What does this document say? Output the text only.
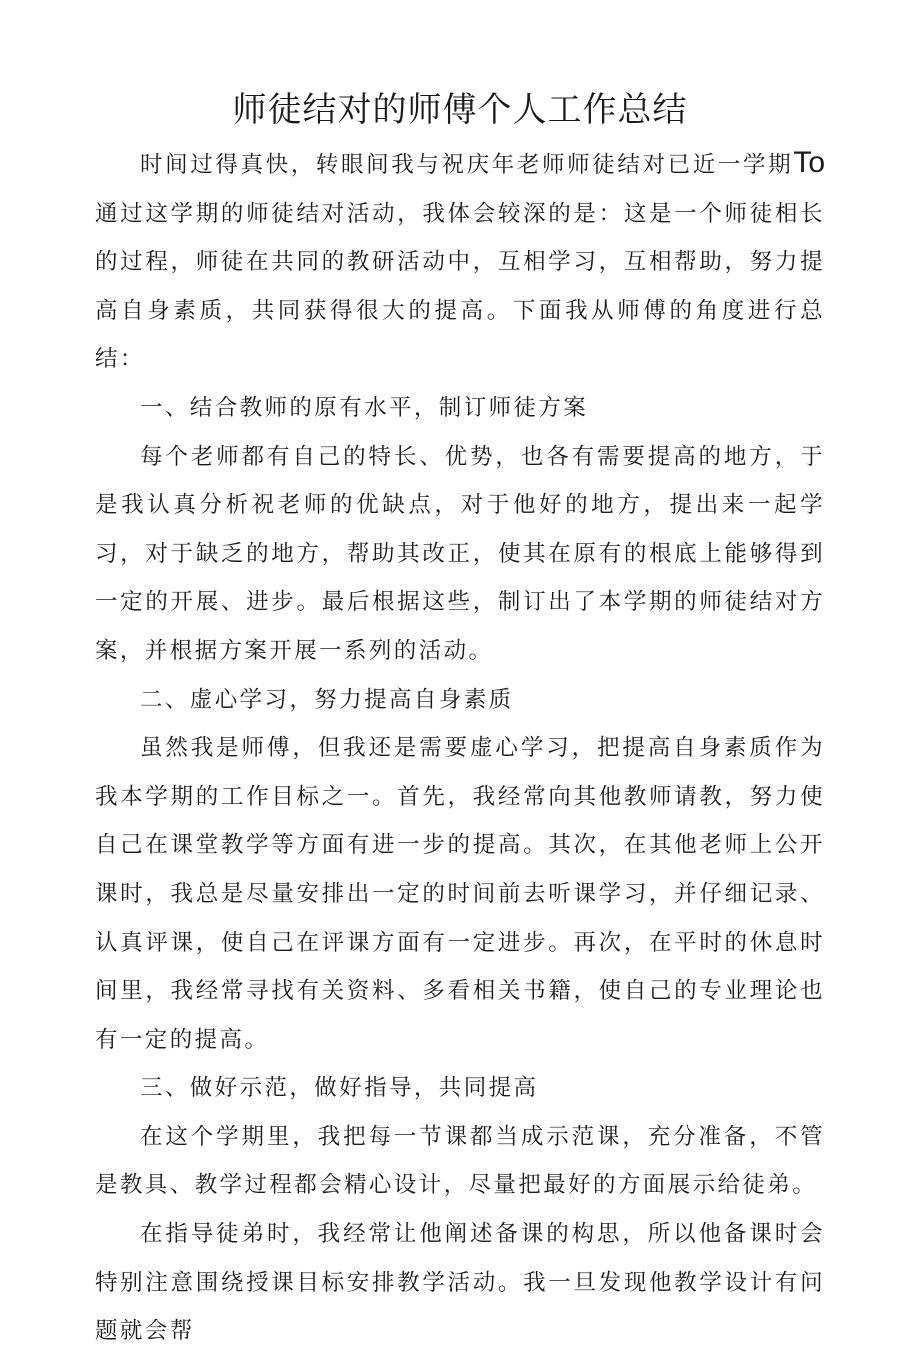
师徒结对的师傅个人工作总结

时间过得真快，转眼间我与祝庆年老师师徒结对已近一学期To通过这学期的师徒结对活动，我体会较深的是：这是一个师徒相长的过程，师徒在共同的教研活动中，互相学习，互相帮助，努力提高自身素质，共同获得很大的提高。下面我从师傅的角度进行总结：

一、结合教师的原有水平，制订师徒方案

每个老师都有自己的特长、优势，也各有需要提高的地方，于是我认真分析祝老师的优缺点，对于他好的地方，提出来一起学习，对于缺乏的地方，帮助其改正，使其在原有的根底上能够得到一定的开展、进步。最后根据这些，制订出了本学期的师徒结对方案，并根据方案开展一系列的活动。

二、虚心学习，努力提高自身素质

虽然我是师傅，但我还是需要虚心学习，把提高自身素质作为我本学期的工作目标之一。首先，我经常向其他教师请教，努力使自己在课堂教学等方面有进一步的提高。其次，在其他老师上公开课时，我总是尽量安排出一定的时间前去听课学习，并仔细记录、认真评课，使自己在评课方面有一定进步。再次，在平时的休息时间里，我经常寻找有关资料、多看相关书籍，使自己的专业理论也有一定的提高。

三、做好示范，做好指导，共同提高

在这个学期里，我把每一节课都当成示范课，充分准备，不管是教具、教学过程都会精心设计，尽量把最好的方面展示给徒弟。

在指导徒弟时，我经常让他阐述备课的构思，所以他备课时会特别注意围绕授课目标安排教学活动。我一旦发现他教学设计有问题就会帮
